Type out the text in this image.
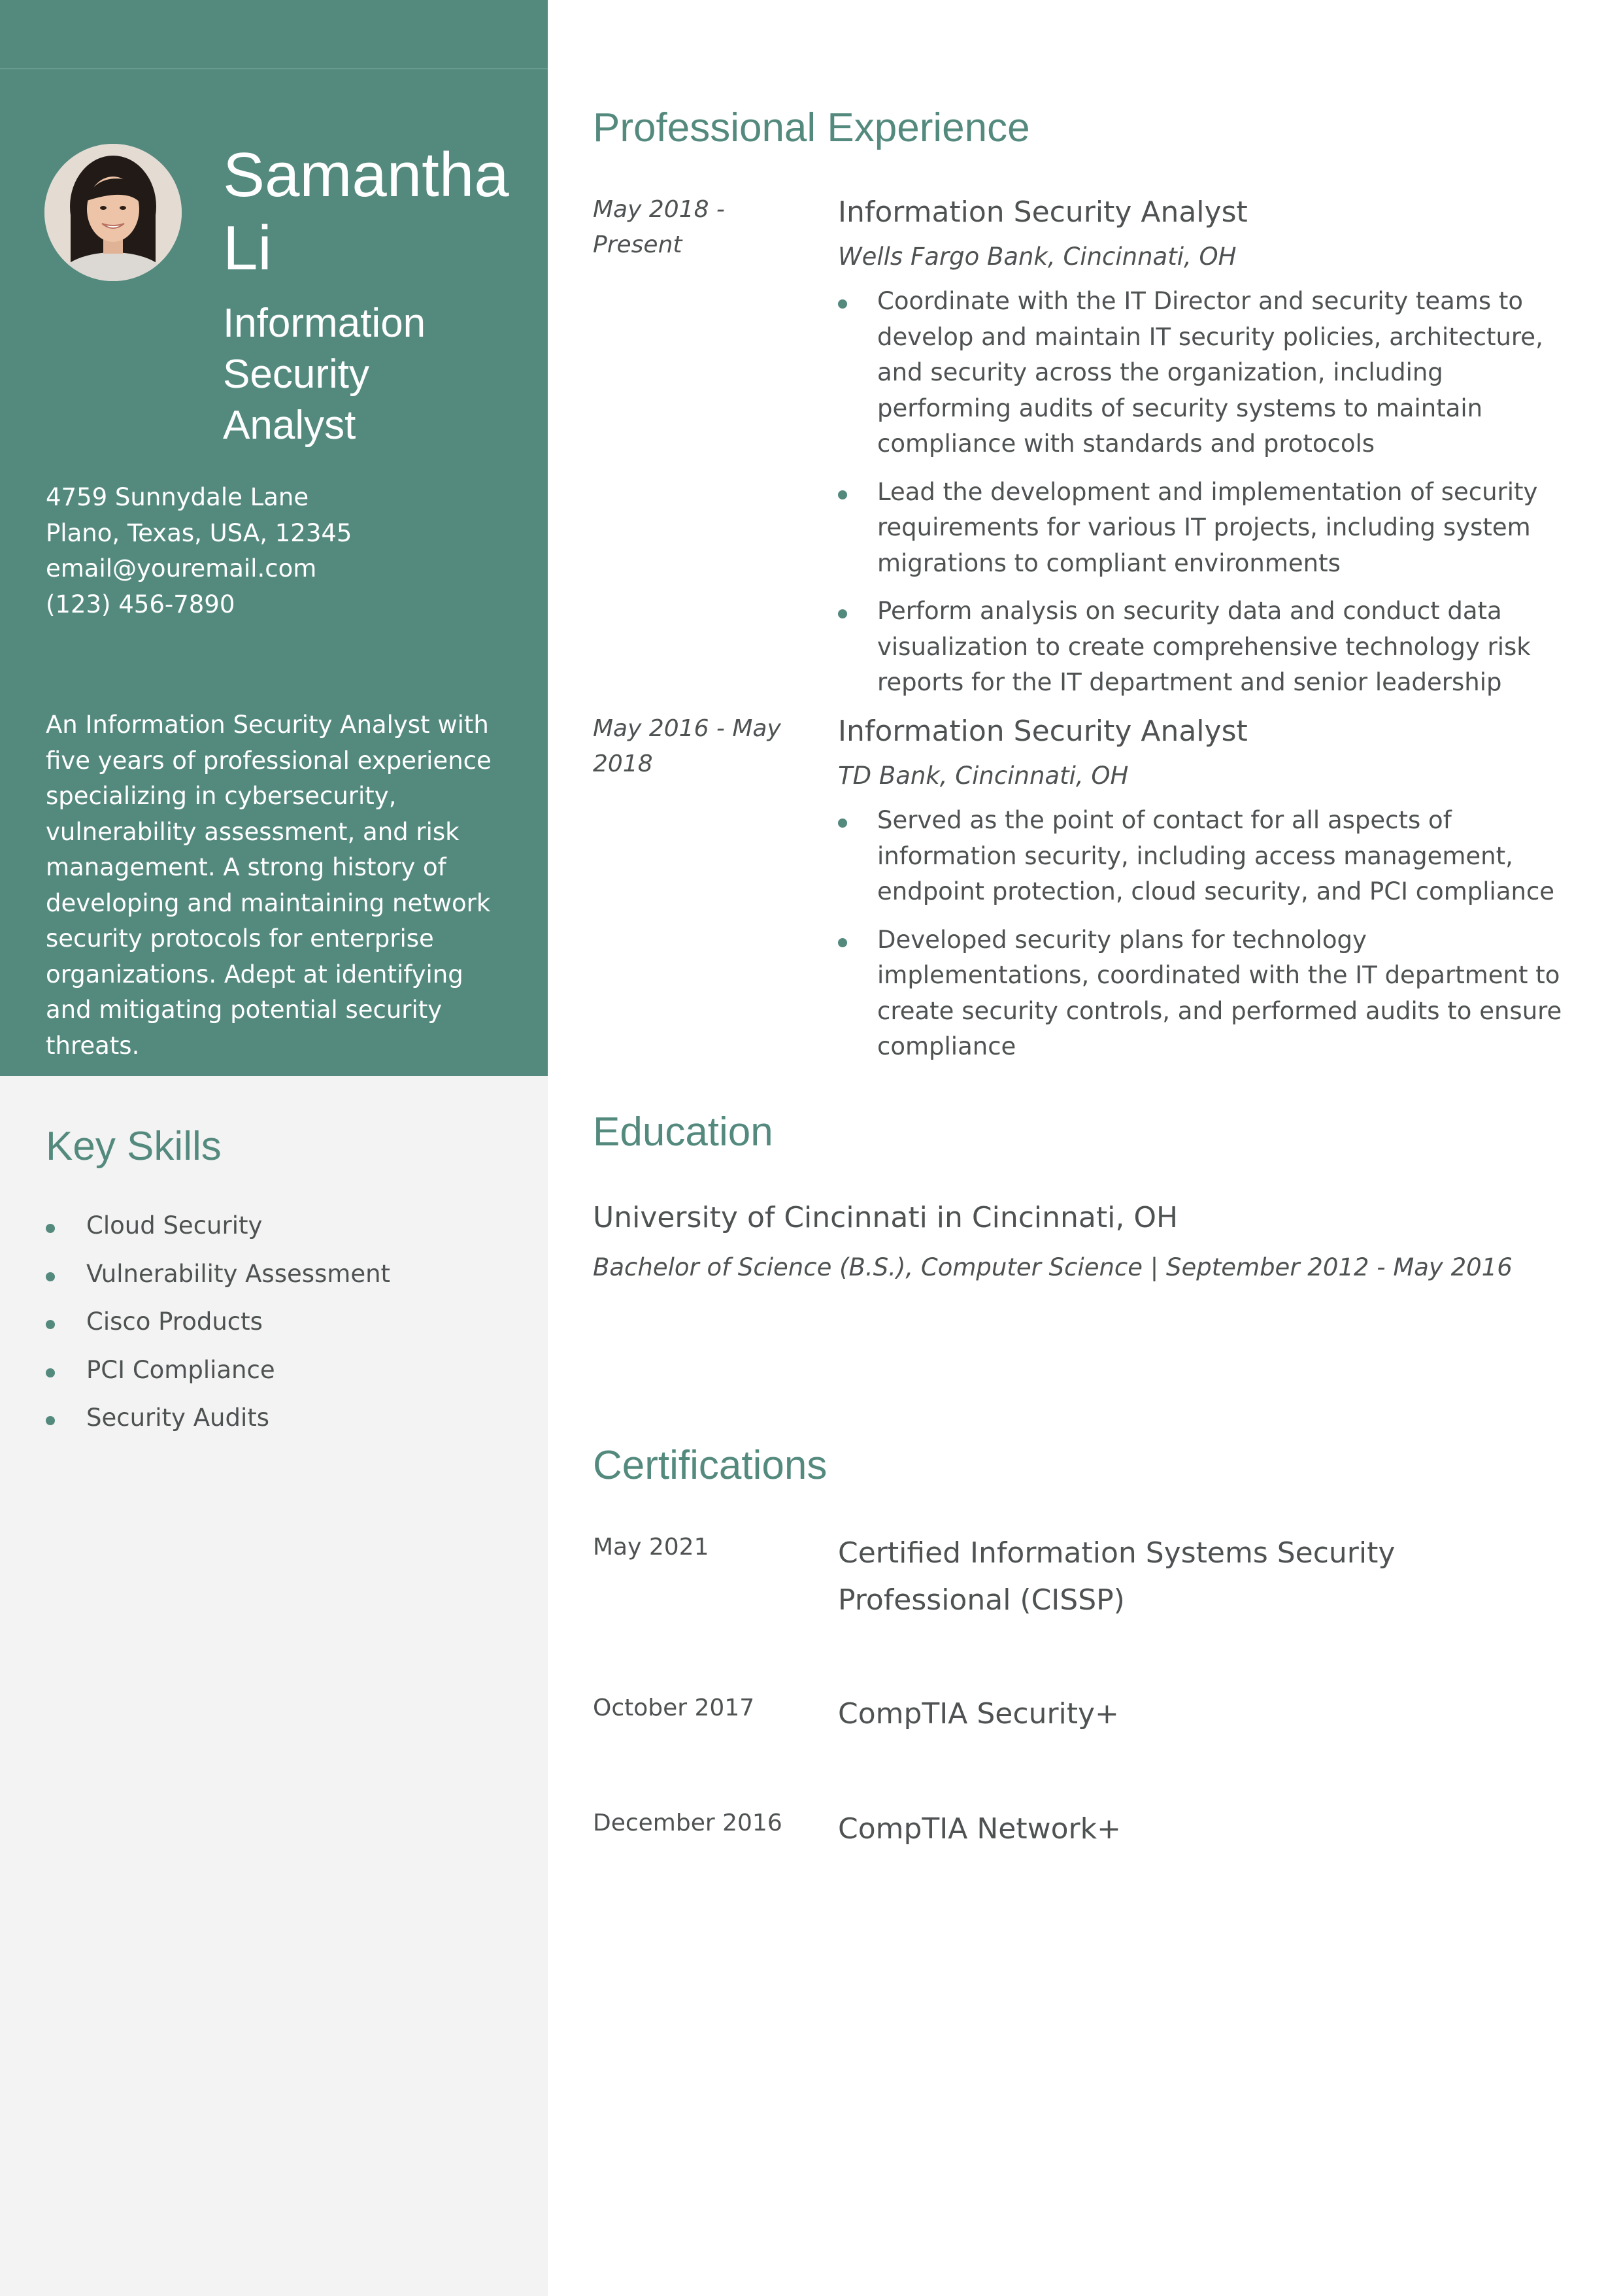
Samantha
Li
Information
Security
Analyst
4759 Sunnydale Lane
Plano, Texas, USA, 12345
email@youremail.com
(123) 456-7890
An Information Security Analyst with five years of professional experience specializing in cybersecurity, vulnerability assessment, and risk management. A strong history of developing and maintaining network security protocols for enterprise organizations. Adept at identifying and mitigating potential security threats.
Key Skills
Cloud Security
Vulnerability Assessment
Cisco Products
PCI Compliance
Security Audits
Professional Experience
May 2018 - Present
Information Security Analyst
Wells Fargo Bank, Cincinnati, OH
Coordinate with the IT Director and security teams to develop and maintain IT security policies, architecture, and security across the organization, including performing audits of security systems to maintain compliance with standards and protocols
Lead the development and implementation of security requirements for various IT projects, including system migrations to compliant environments
Perform analysis on security data and conduct data visualization to create comprehensive technology risk reports for the IT department and senior leadership
May 2016 - May 2018
Information Security Analyst
TD Bank, Cincinnati, OH
Served as the point of contact for all aspects of information security, including access management, endpoint protection, cloud security, and PCI compliance
Developed security plans for technology implementations, coordinated with the IT department to create security controls, and performed audits to ensure compliance
Education
University of Cincinnati in Cincinnati, OH
Bachelor of Science (B.S.), Computer Science | September 2012 - May 2016
Certifications
May 2021	Certified Information Systems Security Professional (CISSP)
October 2017	CompTIA Security+
December 2016	CompTIA Network+
